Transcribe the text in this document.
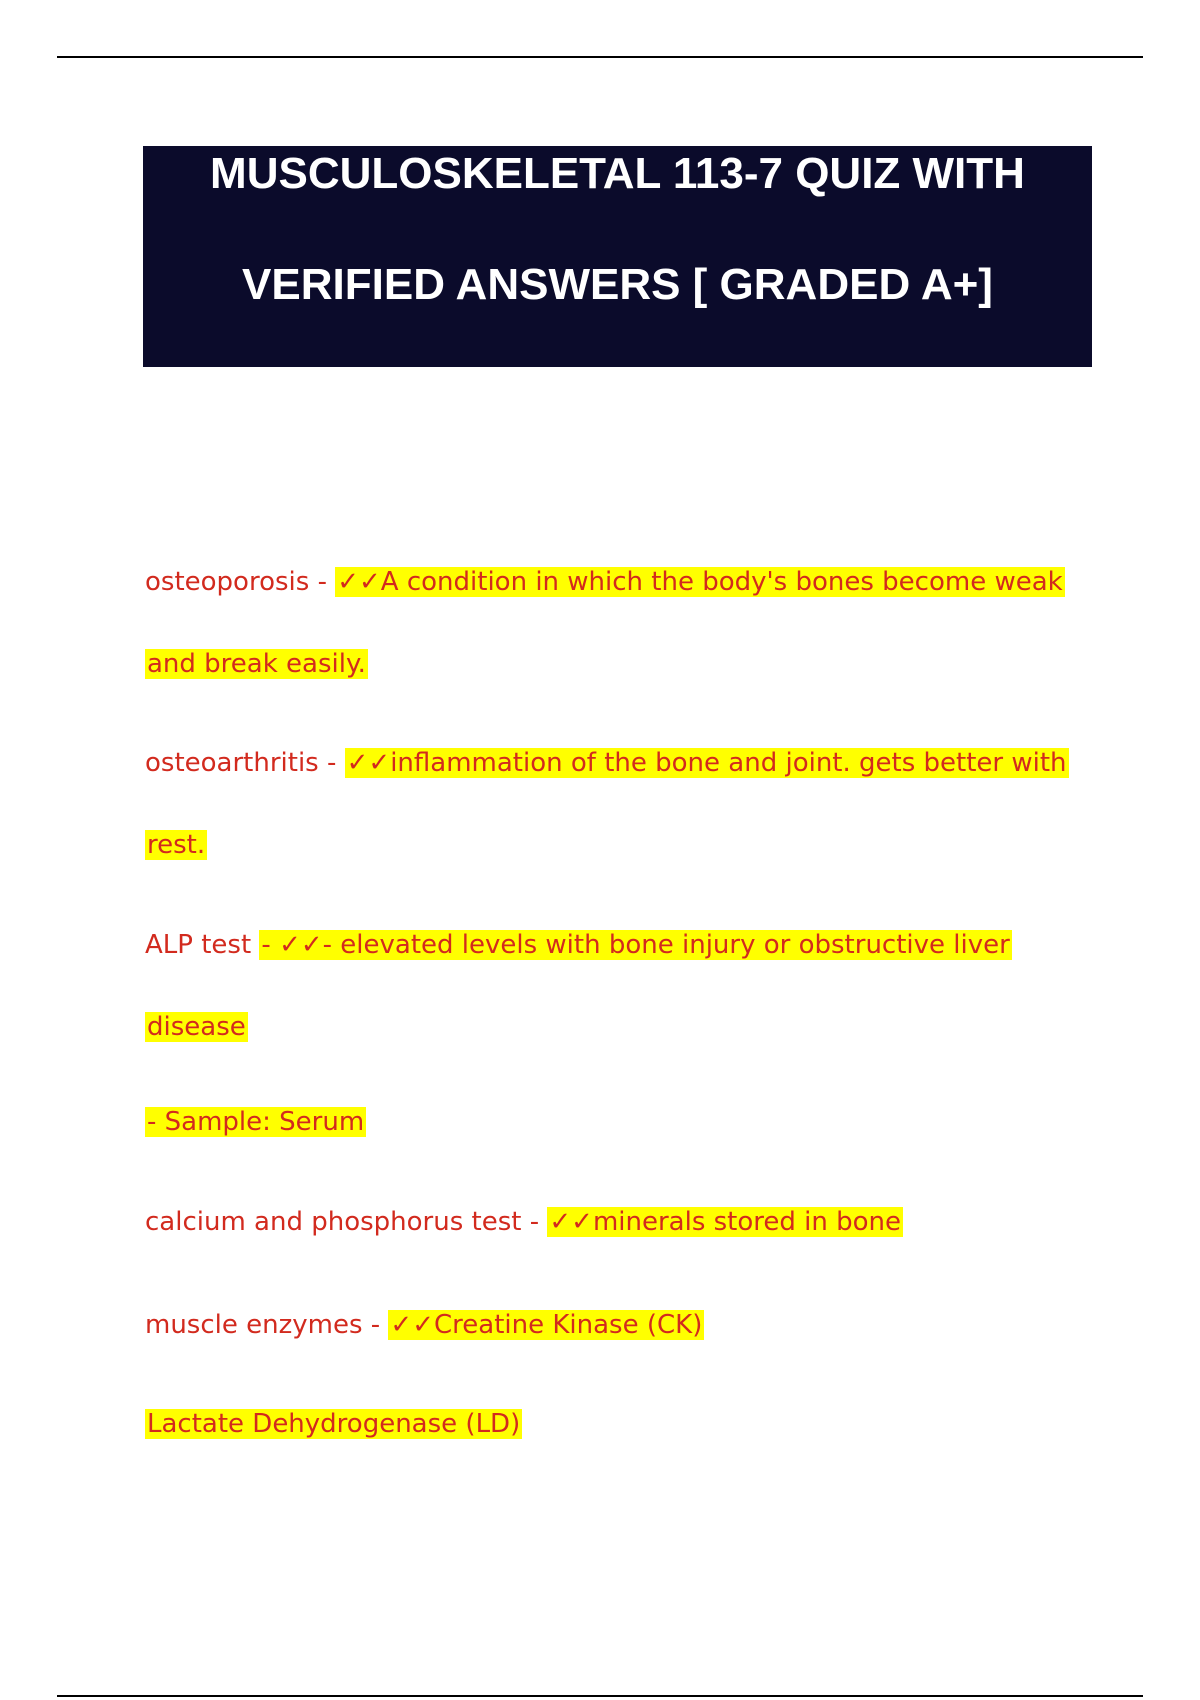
MUSCULOSKELETAL 113-7 QUIZ WITH
VERIFIED ANSWERS [ GRADED A+]
osteoporosis - ✓✓A condition in which the body's bones become weak
and break easily.
osteoarthritis - ✓✓inflammation of the bone and joint. gets better with
rest.
ALP test - ✓✓- elevated levels with bone injury or obstructive liver
disease
- Sample: Serum
calcium and phosphorus test - ✓✓minerals stored in bone
muscle enzymes - ✓✓Creatine Kinase (CK)
Lactate Dehydrogenase (LD)
